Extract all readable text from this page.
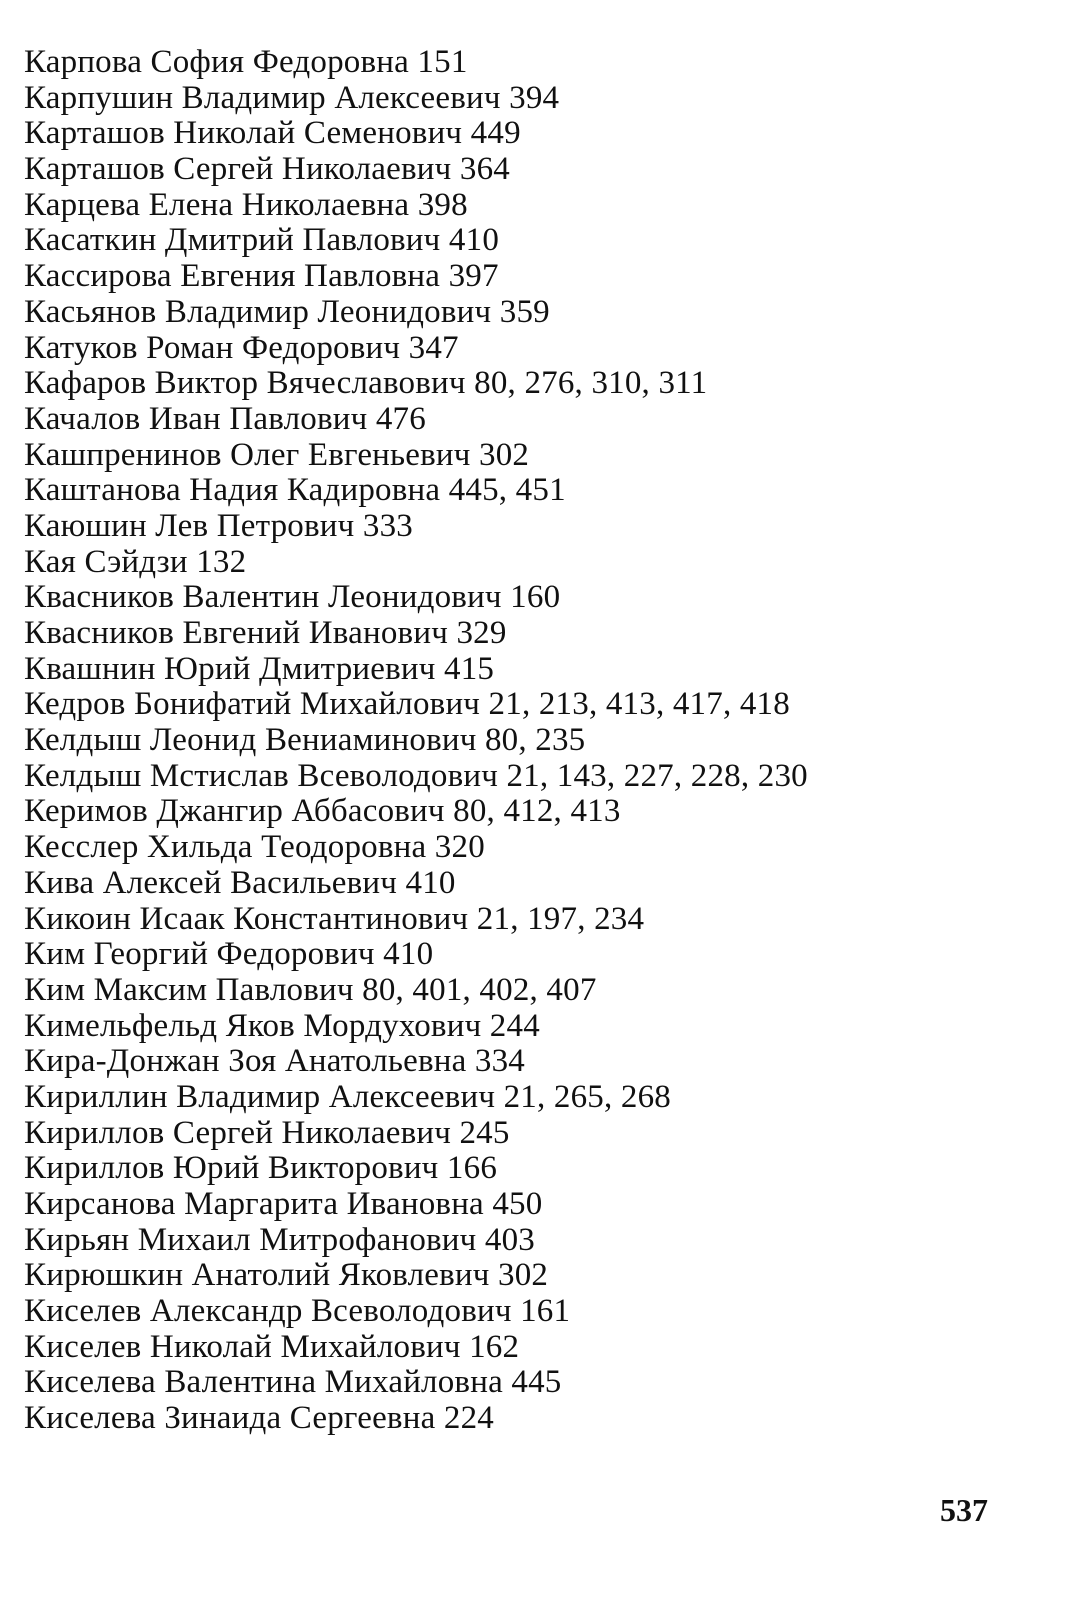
Карпова София Федоровна 151
Карпушин Владимир Алексеевич 394
Карташов Николай Семенович 449
Карташов Сергей Николаевич 364
Карцева Елена Николаевна 398
Касаткин Дмитрий Павлович 410
Кассирова Евгения Павловна 397
Касьянов Владимир Леонидович 359
Катуков Роман Федорович 347
Кафаров Виктор Вячеславович 80, 276, 310, 311
Качалов Иван Павлович 476
Кашпренинов Олег Евгеньевич 302
Каштанова Надия Кадировна 445, 451
Каюшин Лев Петрович 333
Кая Сэйдзи 132
Квасников Валентин Леонидович 160
Квасников Евгений Иванович 329
Квашнин Юрий Дмитриевич 415
Кедров Бонифатий Михайлович 21, 213, 413, 417, 418
Келдыш Леонид Вениаминович 80, 235
Келдыш Мстислав Всеволодович 21, 143, 227, 228, 230
Керимов Джангир Аббасович 80, 412, 413
Кесслер Хильда Теодоровна 320
Кива Алексей Васильевич 410
Кикоин Исаак Константинович 21, 197, 234
Ким Георгий Федорович 410
Ким Максим Павлович 80, 401, 402, 407
Кимельфельд Яков Мордухович 244
Кира-Донжан Зоя Анатольевна 334
Кириллин Владимир Алексеевич 21, 265, 268
Кириллов Сергей Николаевич 245
Кириллов Юрий Викторович 166
Кирсанова Маргарита Ивановна 450
Кирьян Михаил Митрофанович 403
Кирюшкин Анатолий Яковлевич 302
Киселев Александр Всеволодович 161
Киселев Николай Михайлович 162
Киселева Валентина Михайловна 445
Киселева Зинаида Сергеевна 224
537
